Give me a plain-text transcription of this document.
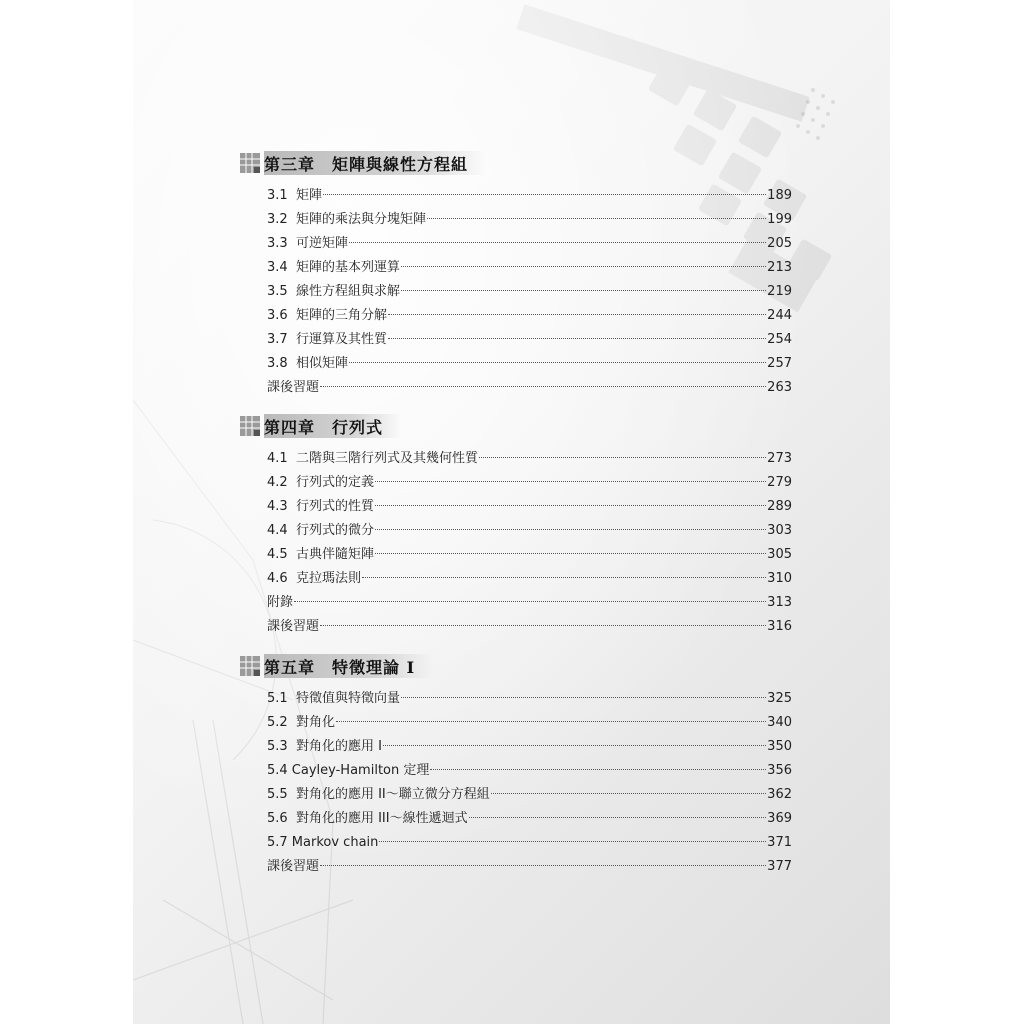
第三章　矩陣與線性方程組
3.1  矩陣	189
3.2  矩陣的乘法與分塊矩陣	199
3.3  可逆矩陣	205
3.4  矩陣的基本列運算	213
3.5  線性方程組與求解	219
3.6  矩陣的三角分解	244
3.7  行運算及其性質	254
3.8  相似矩陣	257
課後習題	263
第四章　行列式
4.1  二階與三階行列式及其幾何性質	273
4.2  行列式的定義	279
4.3  行列式的性質	289
4.4  行列式的微分	303
4.5  古典伴隨矩陣	305
4.6  克拉瑪法則	310
附錄	313
課後習題	316
第五章　特徵理論 I
5.1  特徵值與特徵向量	325
5.2  對角化	340
5.3  對角化的應用 I	350
5.4 Cayley-Hamilton 定理	356
5.5  對角化的應用 II～聯立微分方程組	362
5.6  對角化的應用 III～線性遞迴式	369
5.7 Markov chain	371
課後習題	377
